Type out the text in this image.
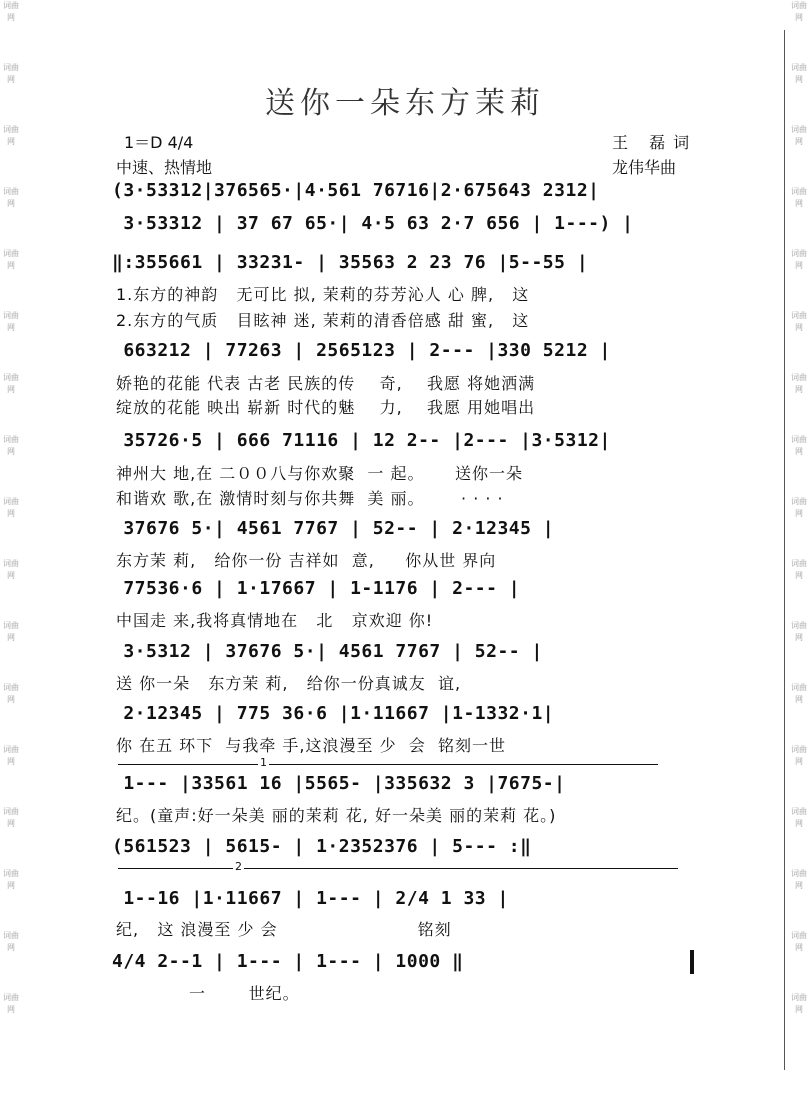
词曲网
词曲网
词曲网
词曲网
词曲网
词曲网
词曲网
词曲网
词曲网
词曲网
词曲网
词曲网
词曲网
词曲网
词曲网
词曲网
词曲网
词曲网
词曲网
词曲网
词曲网
词曲网
词曲网
词曲网
词曲网
词曲网
词曲网
词曲网
词曲网
词曲网
词曲网
词曲网
词曲网
词曲网
送你一朵东方茉莉
1＝D 4/4
中速、热情地
王 磊词
龙伟华曲
(3·53312|376565·|4·561 76716|2·675643 2312|
3·53312 | 37 67 65·| 4·5 63 2·7 656 | 1---) |
‖:355661 | 33231- | 35563 2 23 76 |5--55 |
1.东方的神韵   无可比 拟, 茉莉的芬芳沁人 心 脾,   这
2.东方的气质   目眩神 迷, 茉莉的清香倍感 甜 蜜,   这
663212 | 77263 | 2565123 | 2--- |330 5212 |
娇艳的花能 代表 古老 民族的传    奇,    我愿 将她洒满
绽放的花能 映出 崭新 时代的魅    力,    我愿 用她唱出
35726·5 | 666 71116 | 12 2-- |2--- |3·5312|
神州大 地,在 二００八与你欢聚  一 起。     送你一朵
和谐欢 歌,在 激情时刻与你共舞  美 丽。      · · · ·
37676 5·| 4561 7767 | 52-- | 2·12345 |
东方茉 莉,   给你一份 吉祥如  意,     你从世 界向
77536·6 | 1·17667 | 1-1176 | 2--- |
中国走 来,我将真情地在   北   京欢迎 你!
3·5312 | 37676 5·| 4561 7767 | 52-- |
送 你一朵   东方茉 莉,   给你一份真诚友  谊,
2·12345 | 775 36·6 |1·11667 |1-1332·1|
你 在五 环下  与我牵 手,这浪漫至 少  会  铭刻一世
1
1--- |33561 16 |5565- |335632 3 |7675-|
纪。(童声:好一朵美 丽的茉莉 花, 好一朵美 丽的茉莉 花。)
(561523 | 5615- | 1·2352376 | 5--- :‖
2
1--16 |1·11667 | 1--- | 2/4 1 33 |
纪,   这 浪漫至 少 会                       铭刻
4/4 2--1 | 1--- | 1--- | 1000 ‖
一       世纪。
